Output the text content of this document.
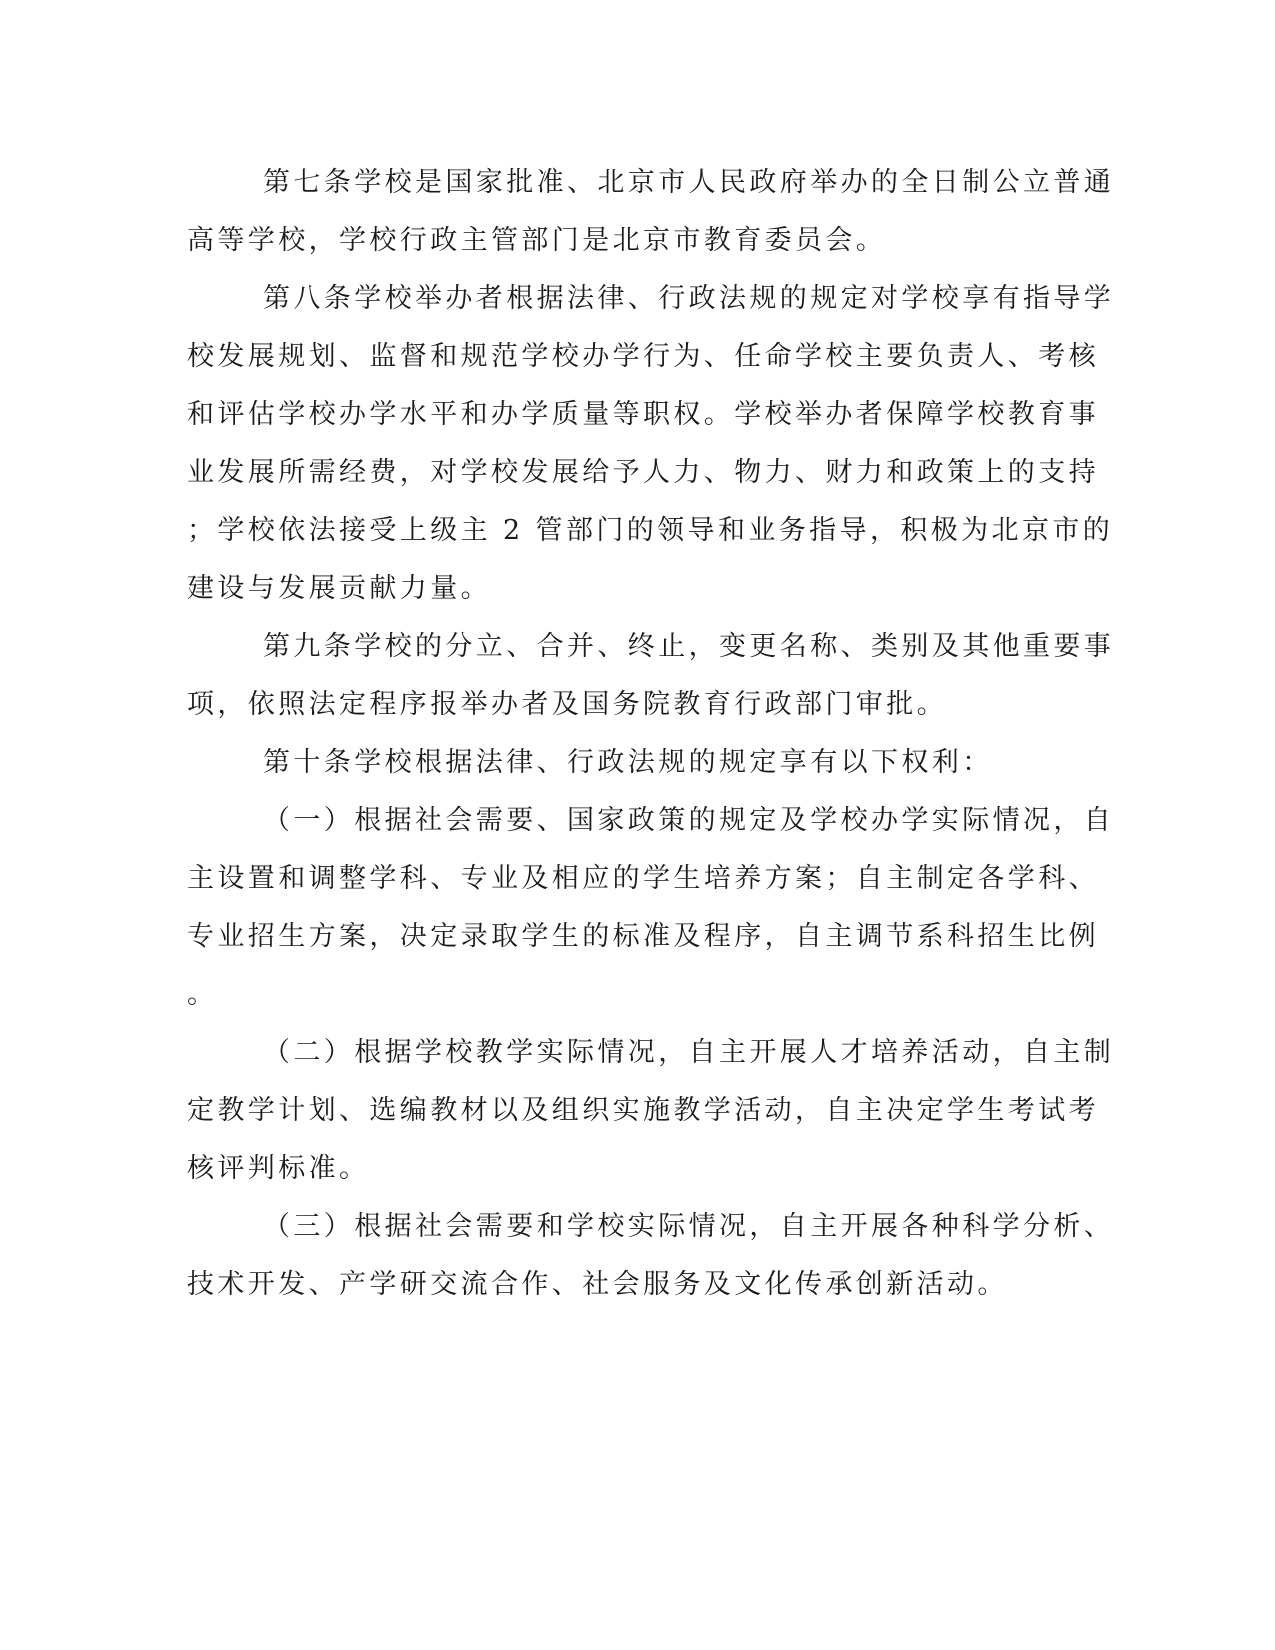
第七条学校是国家批准、北京市人民政府举办的全日制公立普通
高等学校，学校行政主管部门是北京市教育委员会。
第八条学校举办者根据法律、行政法规的规定对学校享有指导学
校发展规划、监督和规范学校办学行为、任命学校主要负责人、考核
和评估学校办学水平和办学质量等职权。学校举办者保障学校教育事
业发展所需经费，对学校发展给予人力、物力、财力和政策上的支持
；学校依法接受上级主 2 管部门的领导和业务指导，积极为北京市的
建设与发展贡献力量。
第九条学校的分立、合并、终止，变更名称、类别及其他重要事
项，依照法定程序报举办者及国务院教育行政部门审批。
第十条学校根据法律、行政法规的规定享有以下权利：
（一）根据社会需要、国家政策的规定及学校办学实际情况，自
主设置和调整学科、专业及相应的学生培养方案；自主制定各学科、
专业招生方案，决定录取学生的标准及程序，自主调节系科招生比例
。
（二）根据学校教学实际情况，自主开展人才培养活动，自主制
定教学计划、选编教材以及组织实施教学活动，自主决定学生考试考
核评判标准。
（三）根据社会需要和学校实际情况，自主开展各种科学分析、
技术开发、产学研交流合作、社会服务及文化传承创新活动。
